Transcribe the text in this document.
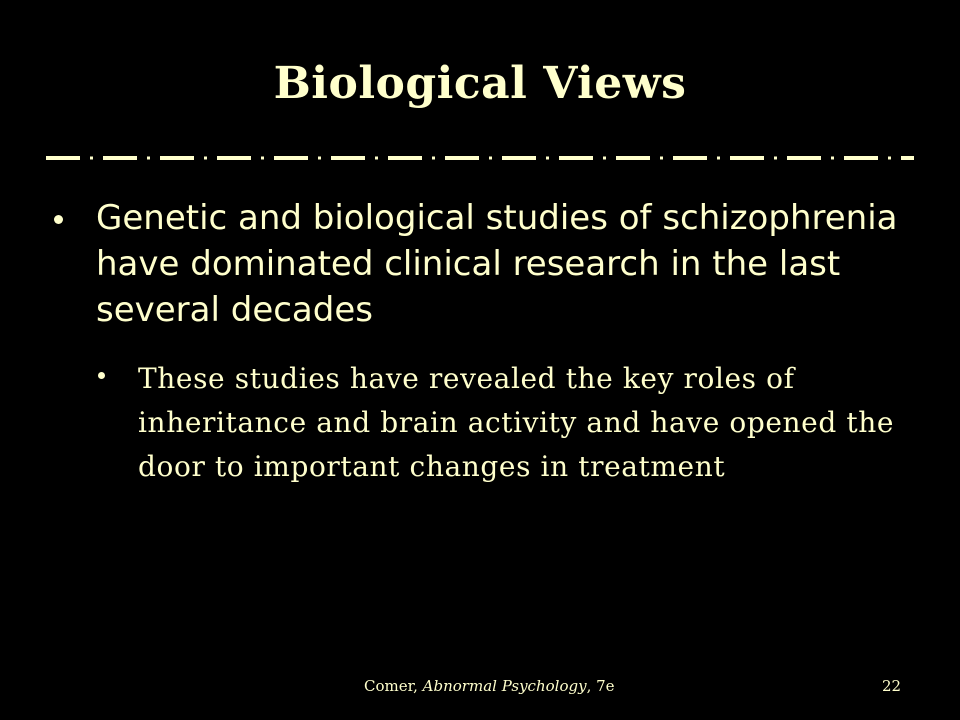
Biological Views
Genetic and biological studies of schizophrenia have dominated clinical research in the last several decades
These studies have revealed the key roles of inheritance and brain activity and have opened the door to important changes in treatment
Comer, Abnormal Psychology, 7e	22
